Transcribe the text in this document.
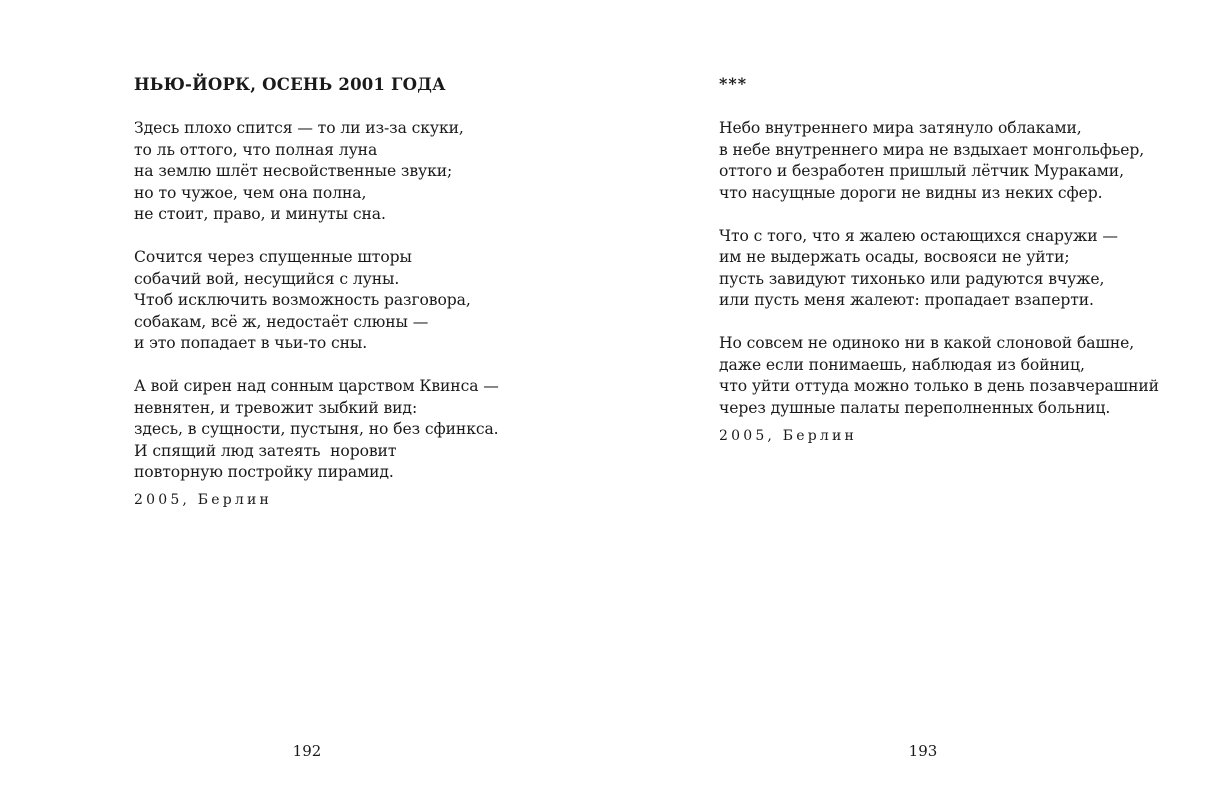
НЬЮ-ЙОРК, ОСЕНЬ 2001 ГОДА
Здесь плохо спится — то ли из-за скуки,
то ль оттого, что полная луна
на землю шлёт несвойственные звуки;
но то чужое, чем она полна,
не стоит, право, и минуты сна.
Сочится через спущенные шторы
собачий вой, несущийся с луны.
Чтоб исключить возможность разговора,
собакам, всё ж, недостаёт слюны —
и это попадает в чьи-то сны.
А вой сирен над сонным царством Квинса —
невнятен, и тревожит зыбкий вид:
здесь, в сущности, пустыня, но без сфинкса.
И спящий люд затеять  норовит
повторную постройку пирамид.
2005, Берлин
192
***
Небо внутреннего мира затянуло облаками,
в небе внутреннего мира не вздыхает монгольфьер,
оттого и безработен пришлый лётчик Мураками,
что насущные дороги не видны из неких сфер.
Что с того, что я жалею остающихся снаружи —
им не выдержать осады, восвояси не уйти;
пусть завидуют тихонько или радуются вчуже,
или пусть меня жалеют: пропадает взаперти.
Но совсем не одиноко ни в какой слоновой башне,
даже если понимаешь, наблюдая из бойниц,
что уйти оттуда можно только в день позавчерашний
через душные палаты переполненных больниц.
2005, Берлин
193
